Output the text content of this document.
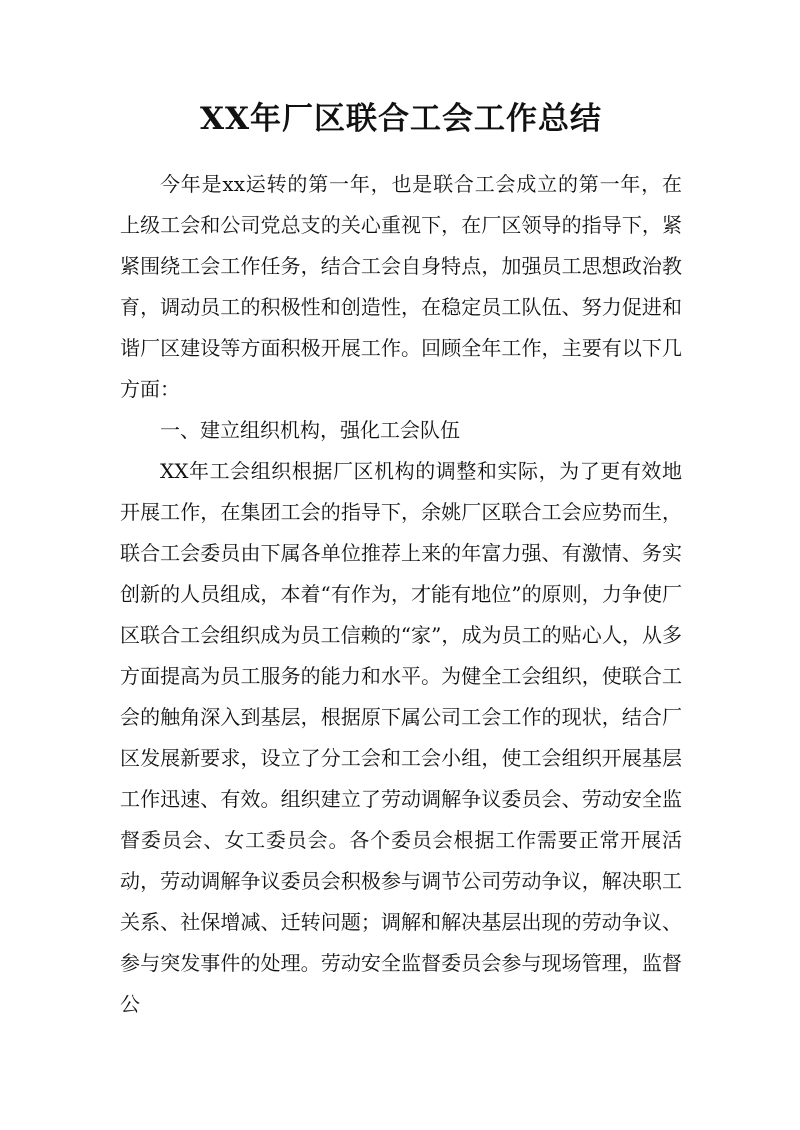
XX年厂区联合工会工作总结

今年是xx运转的第一年，也是联合工会成立的第一年，在上级工会和公司党总支的关心重视下，在厂区领导的指导下，紧紧围绕工会工作任务，结合工会自身特点，加强员工思想政治教育，调动员工的积极性和创造性，在稳定员工队伍、努力促进和谐厂区建设等方面积极开展工作。回顾全年工作，主要有以下几方面：

一、建立组织机构，强化工会队伍

XX年工会组织根据厂区机构的调整和实际，为了更有效地开展工作，在集团工会的指导下，余姚厂区联合工会应势而生，联合工会委员由下属各单位推荐上来的年富力强、有激情、务实创新的人员组成，本着“有作为，才能有地位”的原则，力争使厂区联合工会组织成为员工信赖的“家”，成为员工的贴心人，从多方面提高为员工服务的能力和水平。为健全工会组织，使联合工会的触角深入到基层，根据原下属公司工会工作的现状，结合厂区发展新要求，设立了分工会和工会小组，使工会组织开展基层工作迅速、有效。组织建立了劳动调解争议委员会、劳动安全监督委员会、女工委员会。各个委员会根据工作需要正常开展活动，劳动调解争议委员会积极参与调节公司劳动争议，解决职工关系、社保增减、迁转问题；调解和解决基层出现的劳动争议、参与突发事件的处理。劳动安全监督委员会参与现场管理，监督公
